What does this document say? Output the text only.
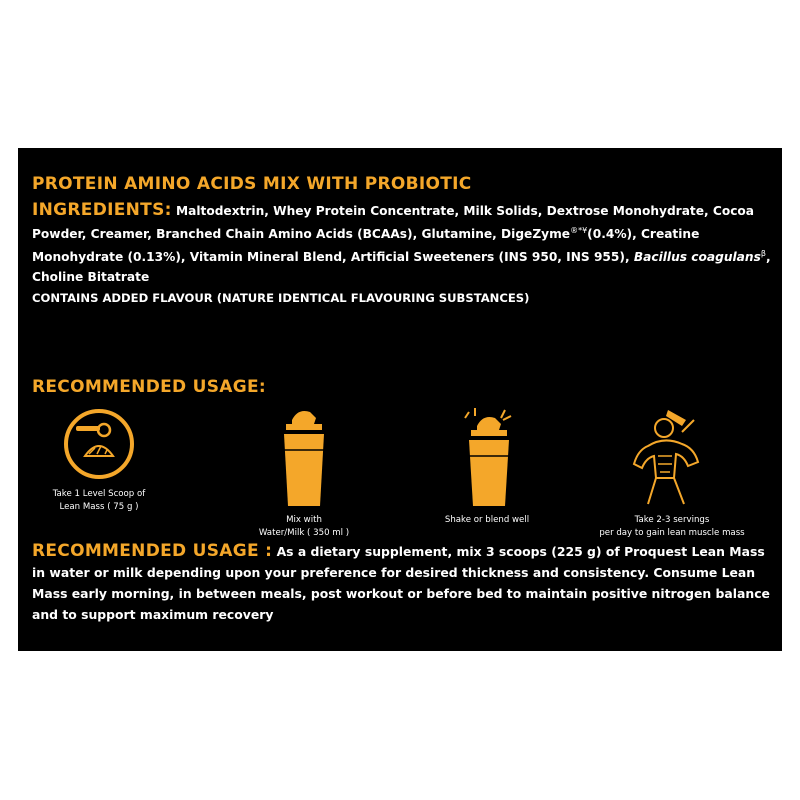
PROTEIN AMINO ACIDS MIX WITH PROBIOTIC
INGREDIENTS: Maltodextrin, Whey Protein Concentrate, Milk Solids, Dextrose Monohydrate, Cocoa Powder, Creamer, Branched Chain Amino Acids (BCAAs), Glutamine, DigeZyme®*¥(0.4%), Creatine Monohydrate (0.13%), Vitamin Mineral Blend, Artificial Sweeteners (INS 950, INS 955), Bacillus coagulans$^\beta$, Choline Bitatrate
CONTAINS ADDED FLAVOUR (NATURE IDENTICAL FLAVOURING SUBSTANCES)
RECOMMENDED USAGE:
Take 1 Level Scoop of
Lean Mass ( 75 g )
Mix with
Water/Milk ( 350 ml )
Shake or blend well	Take 2-3 servings
per day to gain lean muscle mass
RECOMMENDED USAGE : As a dietary supplement, mix 3 scoops (225 g) of Proquest Lean Mass in water or milk depending upon your preference for desired thickness and consistency. Consume Lean Mass early morning, in between meals, post workout or before bed to maintain positive nitrogen balance and to support maximum recovery
